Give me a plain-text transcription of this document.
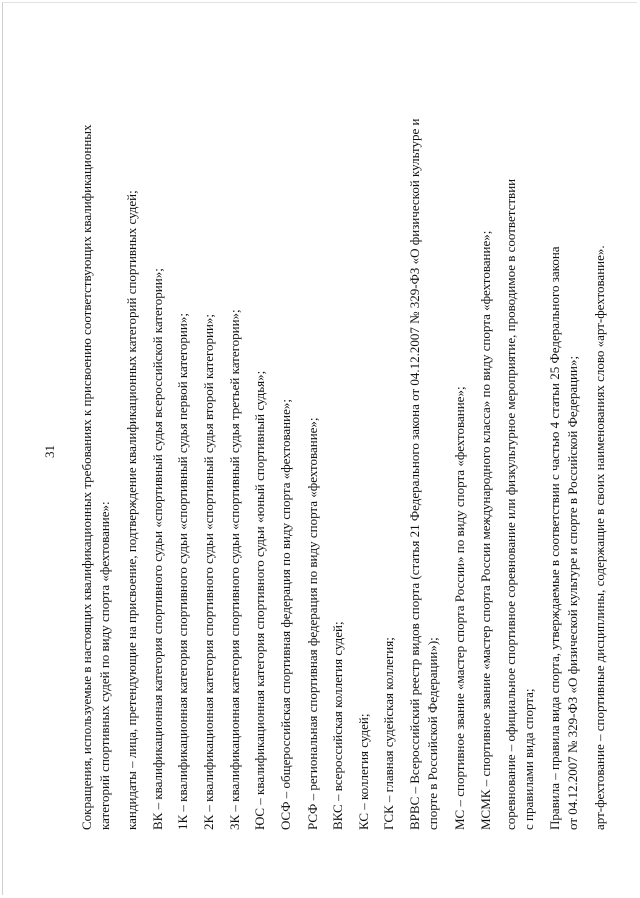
31 Сокращения, используемые в настоящих квалификационных требованиях к присвоению соответствующих квалификационных категорий спортивных судей по виду спорта «фехтование»: кандидаты – лица, претендующие на присвоение, подтверждение квалификационных категорий спортивных судей; ВК – квалификационная категория спортивного судьи «спортивный судья всероссийской категории»; 1К – квалификационная категория спортивного судьи «спортивный судья первой категории»; 2К – квалификационная категория спортивного судьи «спортивный судья второй категории»; 3К – квалификационная категория спортивного судьи «спортивный судья третьей категории»; ЮС – квалификационная категория спортивного судьи «юный спортивный судья»; ОСФ – общероссийская спортивная федерация по виду спорта «фехтование»; РСФ – региональная спортивная федерация по виду спорта «фехтование»; ВКС – всероссийская коллегия судей; КС – коллегия судей; ГСК – главная судейская коллегия; ВРВС – Всероссийский реестр видов спорта (статья 21 Федерального закона от 04.12.2007 № 329-ФЗ «О физической культуре и спорте в Российской Федерации»); МС – спортивное звание «мастер спорта России» по виду спорта «фехтование»; МСМК – спортивное звание «мастер спорта России международного класса» по виду спорта «фехтование»; соревнование – официальное спортивное соревнование или физкультурное мероприятие, проводимое в соответствии с правилами вида спорта; Правила – правила вида спорта, утверждаемые в соответствии с частью 4 статьи 25 Федерального закона от 04.12.2007 № 329-ФЗ «О физической культуре и спорте в Российской Федерации»; арт-фехтование – спортивные дисциплины, содержащие в своих наименованиях слово «арт-фехтование».
